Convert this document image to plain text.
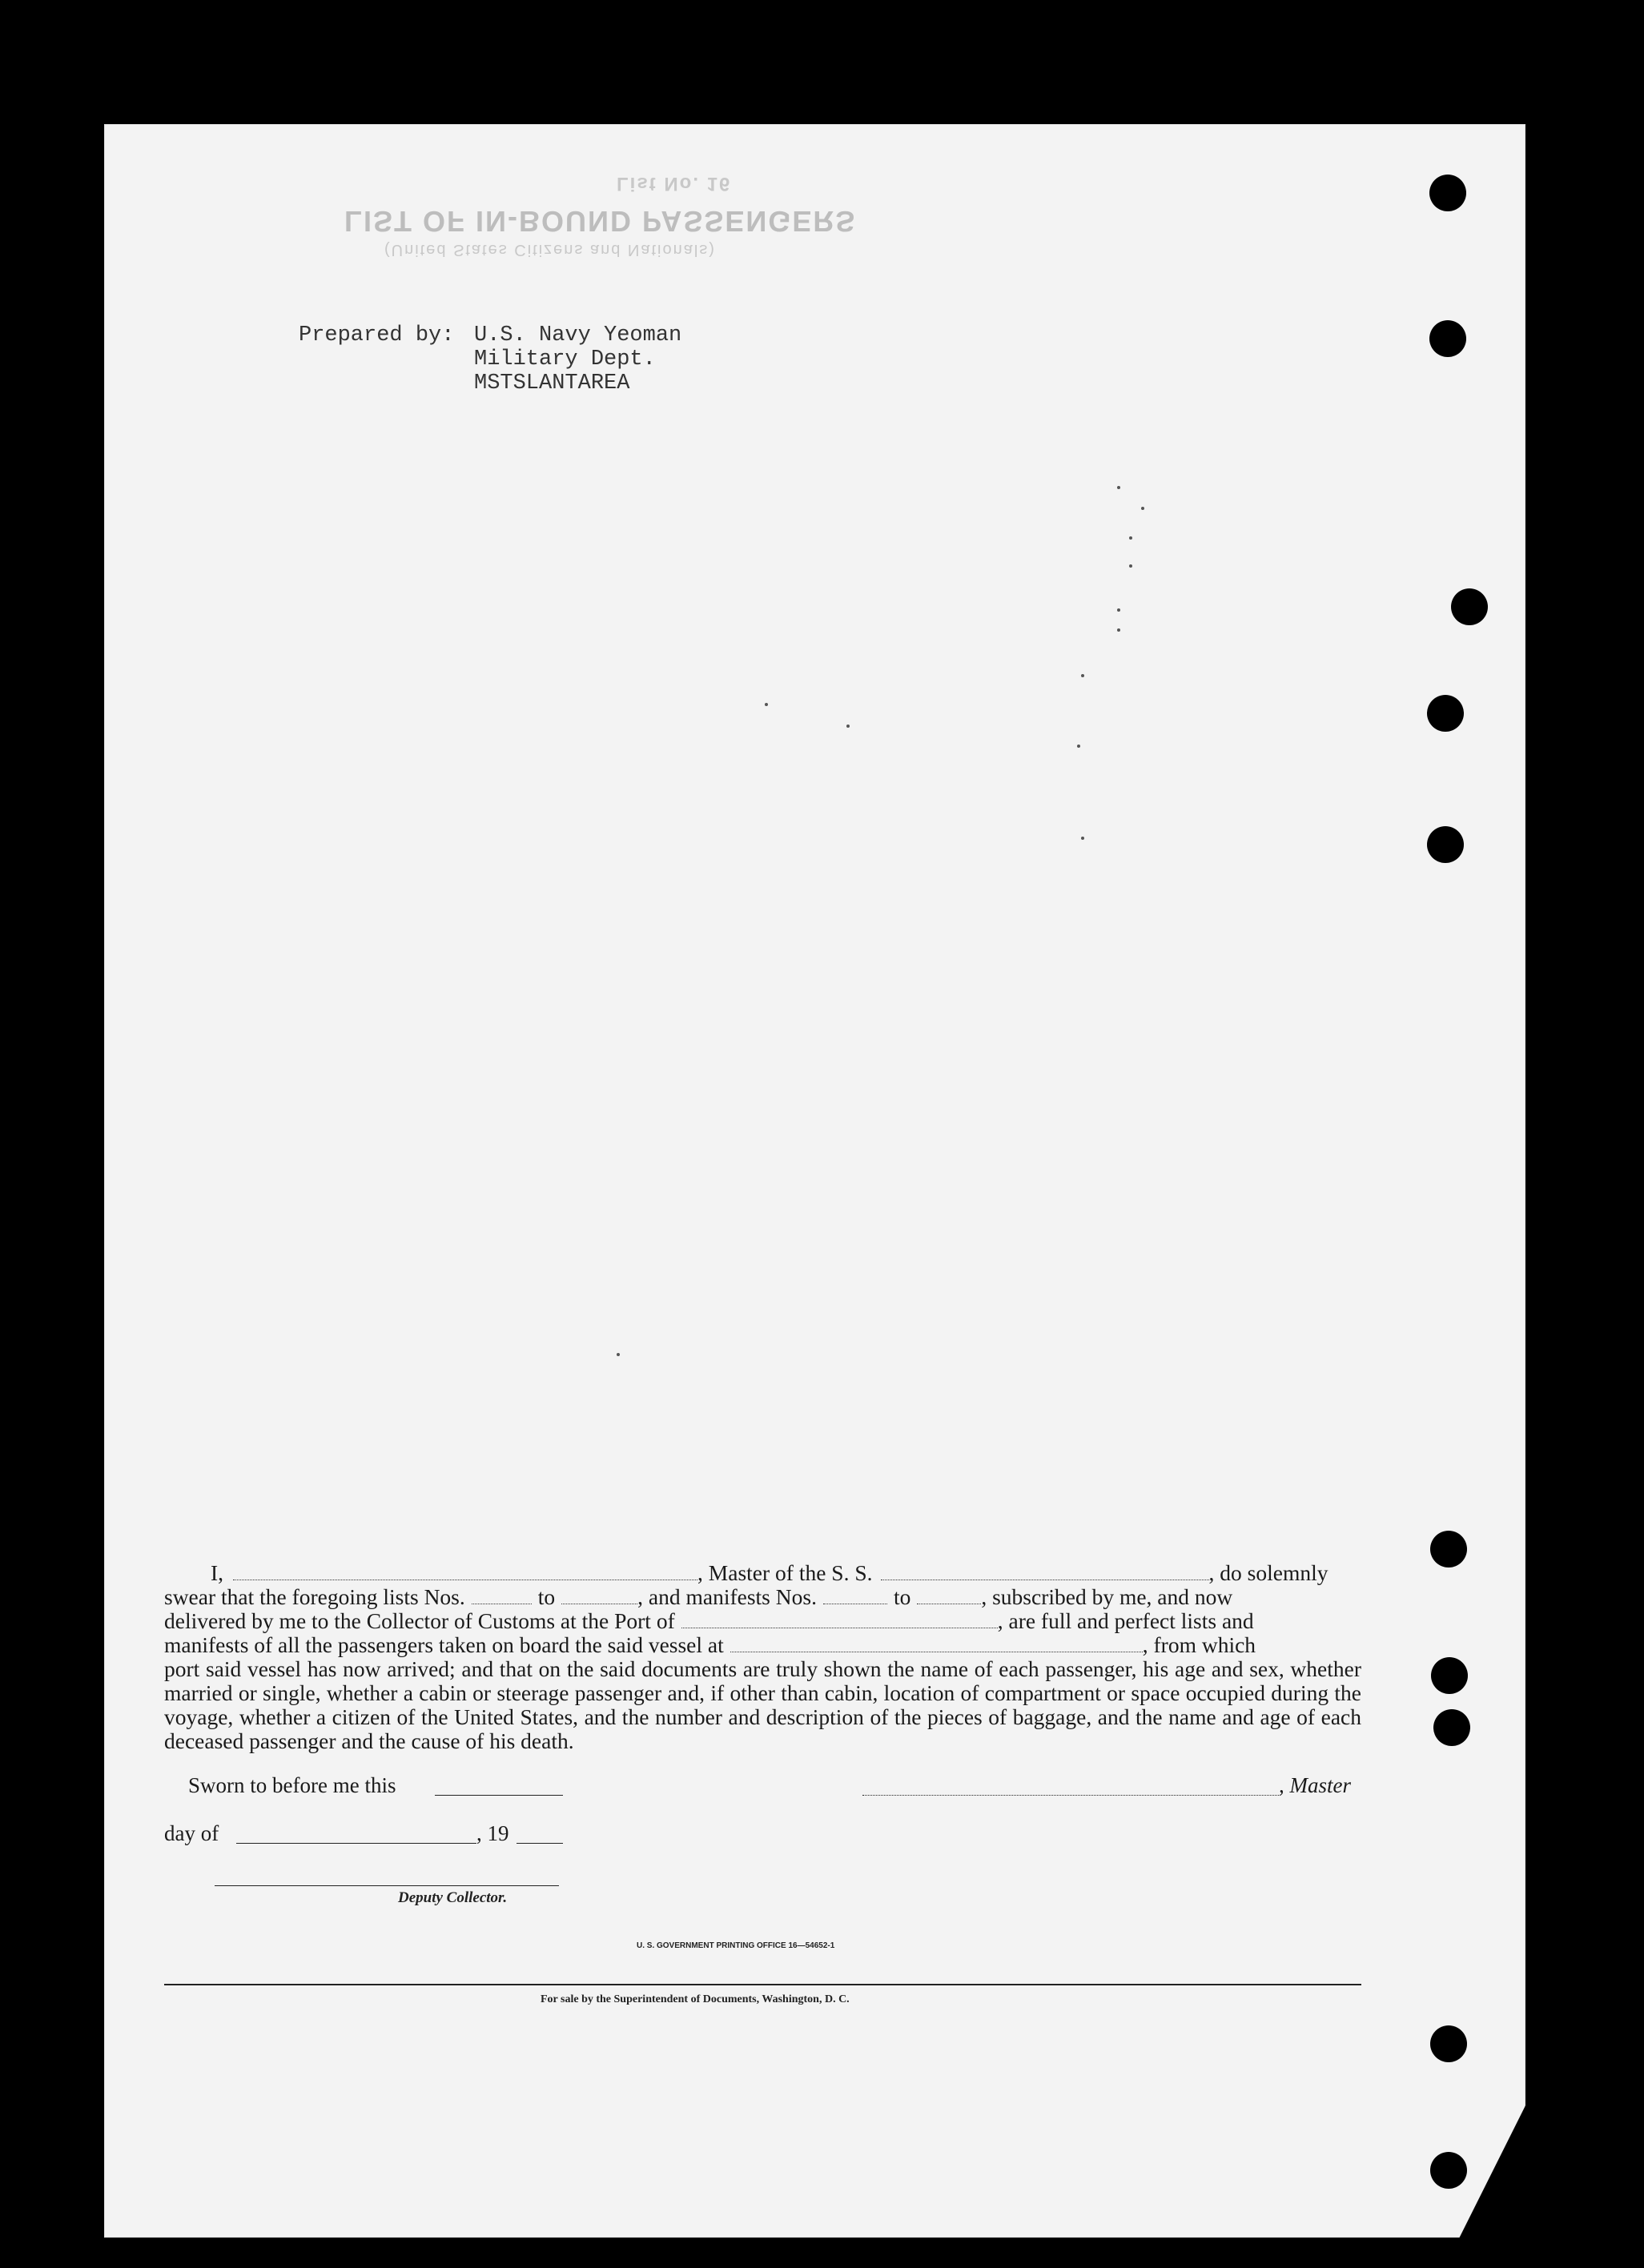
List No. 16
LIST OF IN-BOUND PASSENGERS
(United States Citizens and Nationals)
Prepared by: U.S. Navy Yeoman
Military Dept.
MSTSLANTAREA
I,	, Master of the S. S.	, do solemnly
swear that the foregoing lists Nos.	to	, and manifests Nos.	to	, subscribed by me, and now
delivered by me to the Collector of Customs at the Port of	, are full and perfect lists and
manifests of all the passengers taken on board the said vessel at	, from which
port said vessel has now arrived; and that on the said documents are truly shown the name of each passenger, his age and sex, whether married or single, whether a cabin or steerage passenger and, if other than cabin, location of compartment or space occupied during the voyage, whether a citizen of the United States, and the number and description of the pieces of baggage, and the name and age of each deceased passenger and the cause of his death.
Sworn to before me this	, Master
day of	, 19
Deputy Collector.
U. S. GOVERNMENT PRINTING OFFICE 16—54652-1
For sale by the Superintendent of Documents, Washington, D. C.
